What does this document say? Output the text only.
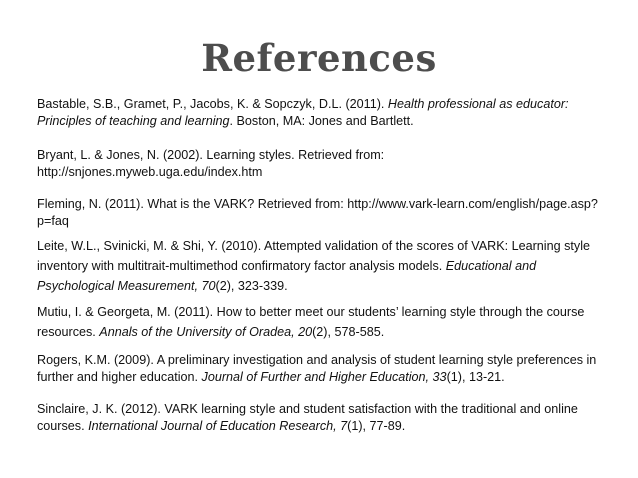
References

Bastable, S.B., Gramet, P., Jacobs, K. & Sopczyk, D.L. (2011). Health professional as educator: Principles of teaching and learning. Boston, MA: Jones and Bartlett.

Bryant, L. & Jones, N. (2002). Learning styles. Retrieved from: http://snjones.myweb.uga.edu/index.htm

Fleming, N. (2011). What is the VARK? Retrieved from: http://www.vark-learn.com/english/page.asp?p=faq

Leite, W.L., Svinicki, M. & Shi, Y. (2010). Attempted validation of the scores of VARK: Learning style inventory with multitrait-multimethod confirmatory factor analysis models. Educational and Psychological Measurement, 70(2), 323-339.

Mutiu, I. & Georgeta, M. (2011). How to better meet our students’ learning style through the course resources. Annals of the University of Oradea, 20(2), 578-585.

Rogers, K.M. (2009). A preliminary investigation and analysis of student learning style preferences in further and higher education. Journal of Further and Higher Education, 33(1), 13-21.

Sinclaire, J. K. (2012). VARK learning style and student satisfaction with the traditional and online courses. International Journal of Education Research, 7(1), 77-89.
